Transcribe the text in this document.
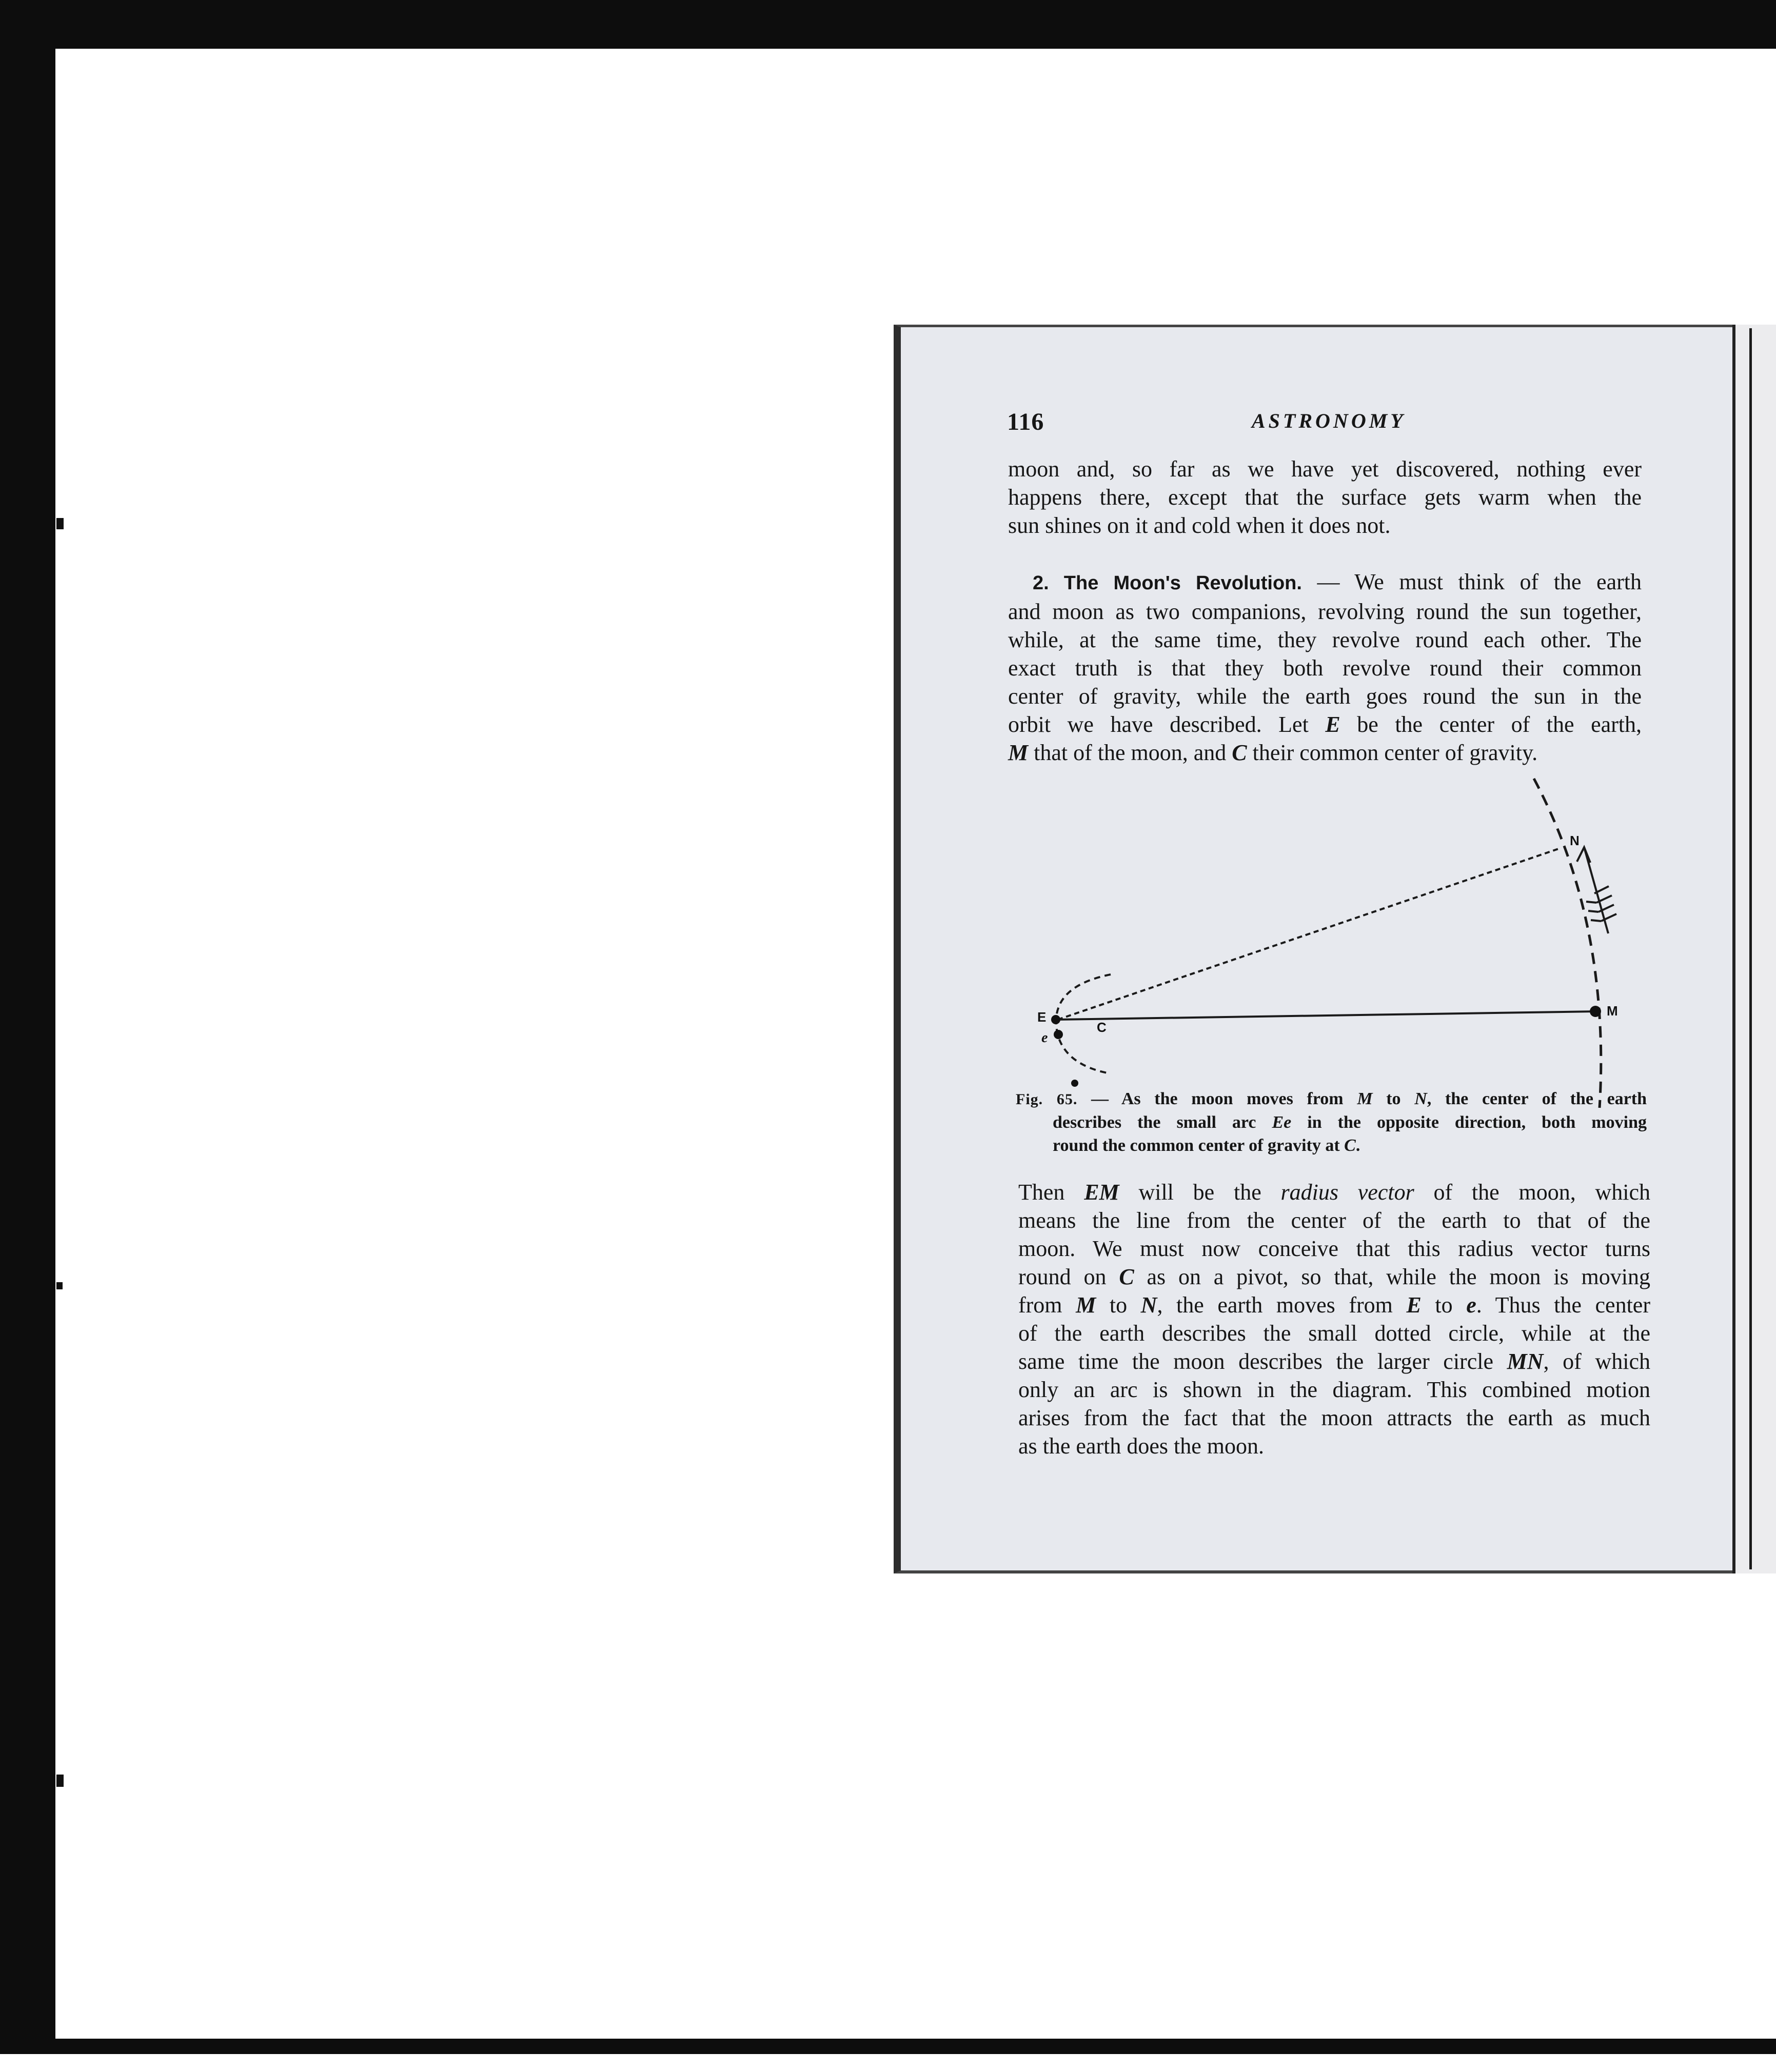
116	ASTRONOMY
moon and, so far as we have yet discovered, nothing ever
happens there, except that the surface gets warm when the
sun shines on it and cold when it does not.
2. The Moon's Revolution. — We must think of the earth
and moon as two companions, revolving round the sun together,
while, at the same time, they revolve round each other. The
exact truth is that they both revolve round their common
center of gravity, while the earth goes round the sun in the
orbit we have described. Let E be the center of the earth,
M that of the moon, and C their common center of gravity.
N
E
e
C
M
Fig. 65. — As the moon moves from M to N, the center of the earth
describes the small arc Ee in the opposite direction, both moving
round the common center of gravity at C.
Then EM will be the radius vector of the moon, which
means the line from the center of the earth to that of the
moon. We must now conceive that this radius vector turns
round on C as on a pivot, so that, while the moon is moving
from M to N, the earth moves from E to e. Thus the center
of the earth describes the small dotted circle, while at the
same time the moon describes the larger circle MN, of which
only an arc is shown in the diagram. This combined motion
arises from the fact that the moon attracts the earth as much
as the earth does the moon.
